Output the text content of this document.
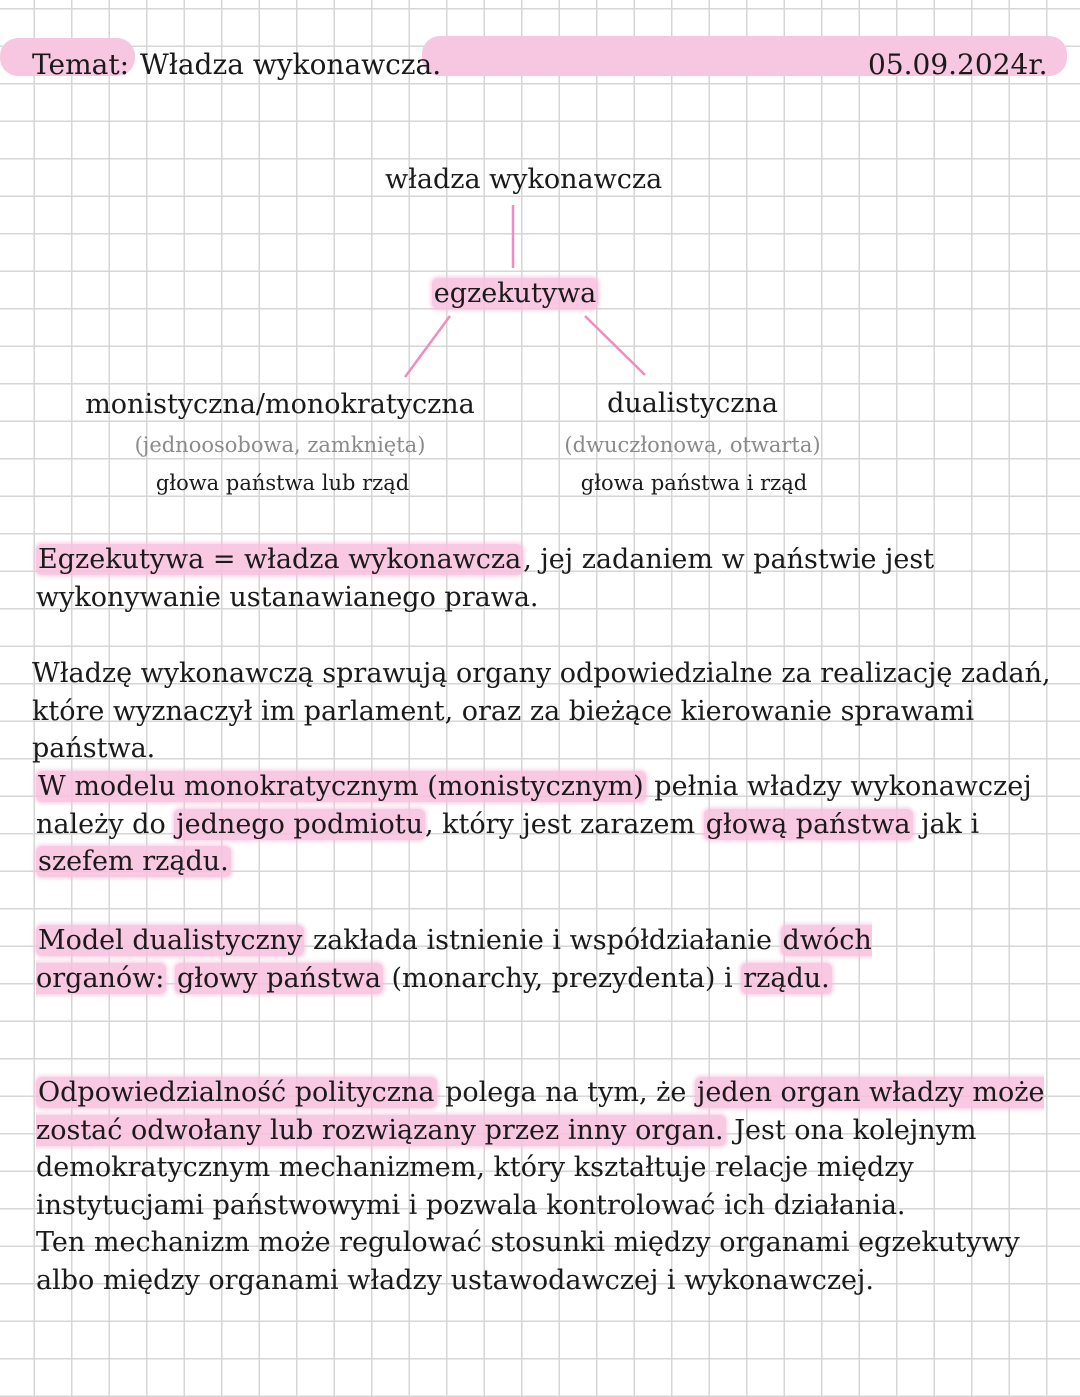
Temat: Władza wykonawcza.	05.09.2024r.
władza wykonawcza
egzekutywa
monistyczna/monokratyczna
(jednoosobowa, zamknięta)
głowa państwa lub rząd
dualistyczna
(dwuczłonowa, otwarta)
głowa państwa i rząd
Egzekutywa = władza wykonawcza, jej zadaniem w państwie jest wykonywanie ustanawianego prawa.
Władzę wykonawczą sprawują organy odpowiedzialne za realizację zadań, które wyznaczył im parlament, oraz za bieżące kierowanie sprawami państwa.
W modelu monokratycznym (monistycznym) pełnia władzy wykonawczej należy do jednego podmiotu, który jest zarazem głową państwa jak i szefem rządu.
Model dualistyczny zakłada istnienie i współdziałanie dwóch organów: głowy państwa (monarchy, prezydenta) i rządu.
Odpowiedzialność polityczna polega na tym, że jeden organ władzy może zostać odwołany lub rozwiązany przez inny organ. Jest ona kolejnym demokratycznym mechanizmem, który kształtuje relacje między instytucjami państwowymi i pozwala kontrolować ich działania.
Ten mechanizm może regulować stosunki między organami egzekutywy albo między organami władzy ustawodawczej i wykonawczej.
